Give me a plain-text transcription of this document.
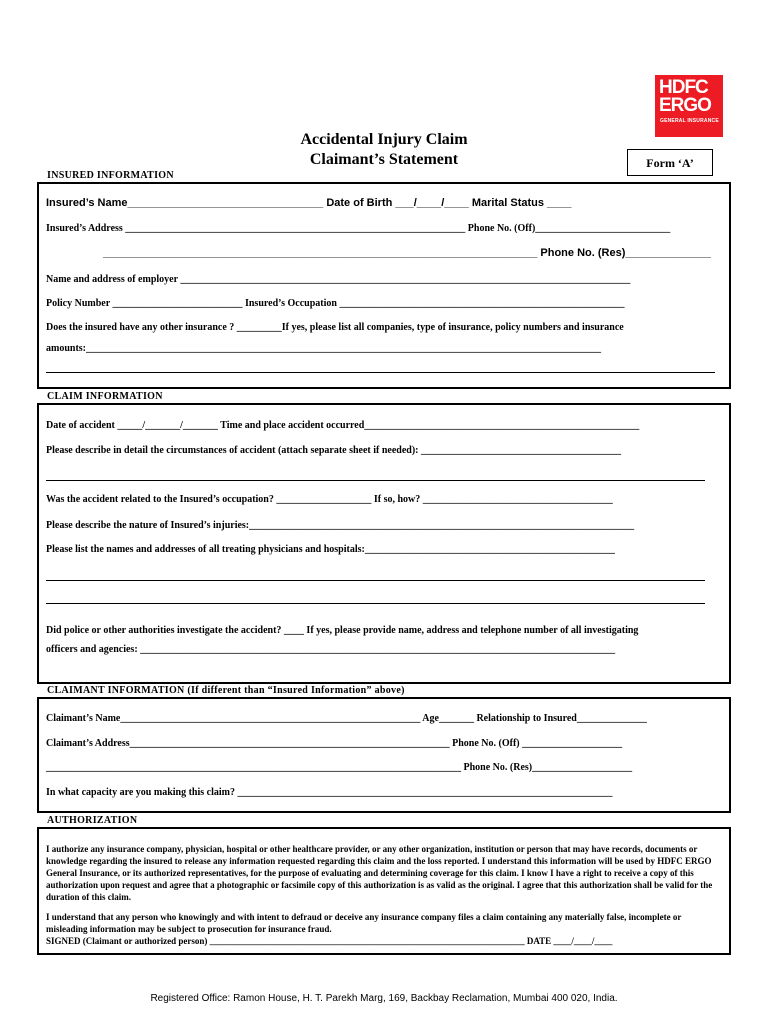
HDFC
ERGO
GENERAL INSURANCE
Accidental Injury Claim
Claimant’s Statement	Form ‘A’
INSURED INFORMATION
Insured’s Name________________________________ Date of Birth ___/____/____ Marital Status ____
Insured’s Address ____________________________________________________________________ Phone No. (Off)___________________________
_______________________________________________________________________ Phone No. (Res)______________
Name and address of employer __________________________________________________________________________________________
Policy Number __________________________ Insured’s Occupation _________________________________________________________
Does the insured have any other insurance ? _________If yes, please list all companies, type of insurance, policy numbers and insurance
amounts:_______________________________________________________________________________________________________
CLAIM INFORMATION
Date of accident _____/_______/_______ Time and place accident occurred_______________________________________________________
Please describe in detail the circumstances of accident (attach separate sheet if needed): ________________________________________
Was the accident related to the Insured’s occupation? ___________________ If so, how? ______________________________________
Please describe the nature of Insured’s injuries:_____________________________________________________________________________
Please list the names and addresses of all treating physicians and hospitals:__________________________________________________
Did police or other authorities investigate the accident? ____ If yes, please provide name, address and telephone number of all investigating
officers and agencies: _______________________________________________________________________________________________
CLAIMANT INFORMATION (If different than “Insured Information” above)
Claimant’s Name____________________________________________________________ Age_______ Relationship to Insured______________
Claimant’s Address________________________________________________________________ Phone No. (Off) ____________________
___________________________________________________________________________________ Phone No. (Res)____________________
In what capacity are you making this claim? ___________________________________________________________________________
AUTHORIZATION
I authorize any insurance company, physician, hospital or other healthcare provider, or any other organization, institution or person that may have records, documents or knowledge regarding the insured to release any information requested regarding this claim and the loss reported. I understand this information will be used by HDFC ERGO General Insurance, or its authorized representatives, for the purpose of evaluating and determining coverage for this claim. I know I have a right to receive a copy of this authorization upon request and agree that a photographic or facsimile copy of this authorization is as valid as the original. I agree that this authorization shall be valid for the duration of this claim.
I understand that any person who knowingly and with intent to defraud or deceive any insurance company files a claim containing any materially false, incomplete or misleading information may be subject to prosecution for insurance fraud.
SIGNED (Claimant or authorized person) ______________________________________________________________________ DATE ____/____/____
Registered Office: Ramon House, H. T. Parekh Marg, 169, Backbay Reclamation, Mumbai 400 020, India.
